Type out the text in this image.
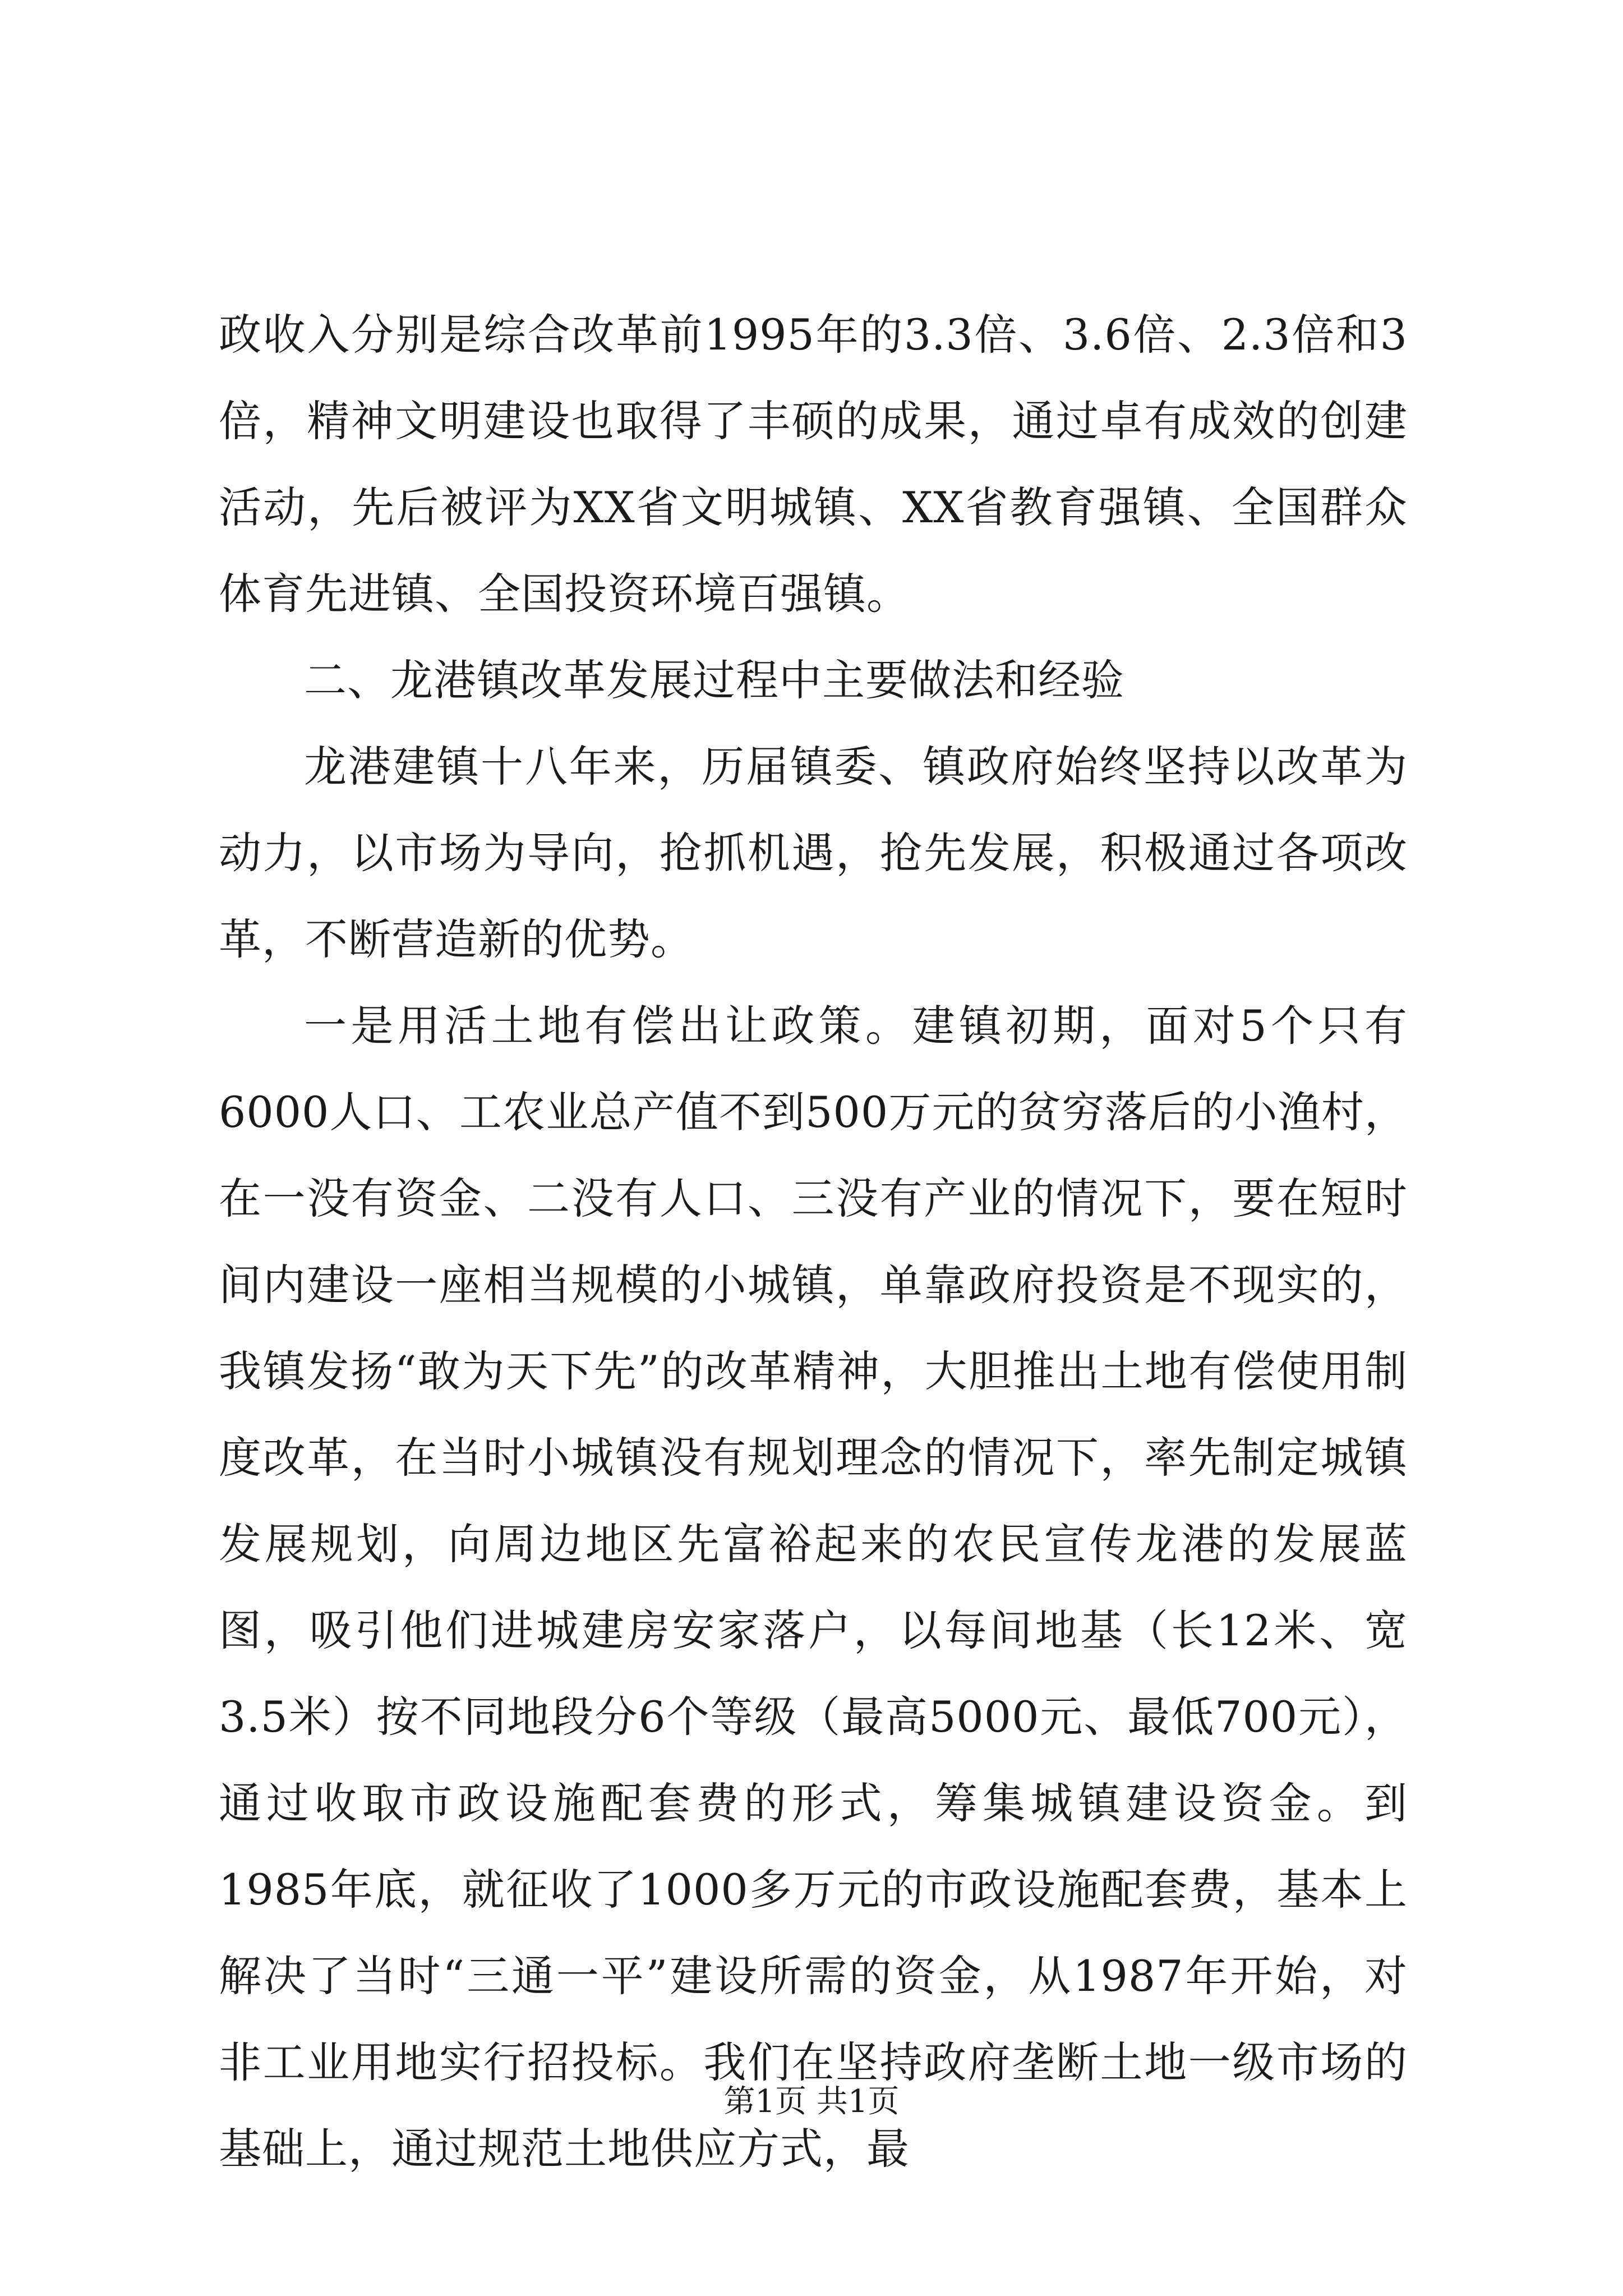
政收入分别是综合改革前1995年的3.3倍、3.6倍、2.3倍和3倍，精神文明建设也取得了丰硕的成果，通过卓有成效的创建活动，先后被评为XX省文明城镇、XX省教育强镇、全国群众体育先进镇、全国投资环境百强镇。

二、龙港镇改革发展过程中主要做法和经验

龙港建镇十八年来，历届镇委、镇政府始终坚持以改革为动力，以市场为导向，抢抓机遇，抢先发展，积极通过各项改革，不断营造新的优势。

一是用活土地有偿出让政策。建镇初期，面对5个只有6000人口、工农业总产值不到500万元的贫穷落后的小渔村，在一没有资金、二没有人口、三没有产业的情况下，要在短时间内建设一座相当规模的小城镇，单靠政府投资是不现实的，我镇发扬“敢为天下先”的改革精神，大胆推出土地有偿使用制度改革，在当时小城镇没有规划理念的情况下，率先制定城镇发展规划，向周边地区先富裕起来的农民宣传龙港的发展蓝图，吸引他们进城建房安家落户，以每间地基（长12米、宽3.5米）按不同地段分6个等级（最高5000元、最低700元），通过收取市政设施配套费的形式，筹集城镇建设资金。到1985年底，就征收了1000多万元的市政设施配套费，基本上解决了当时“三通一平”建设所需的资金，从1987年开始，对非工业用地实行招投标。我们在坚持政府垄断土地一级市场的基础上，通过规范土地供应方式，最

第1页 共1页
